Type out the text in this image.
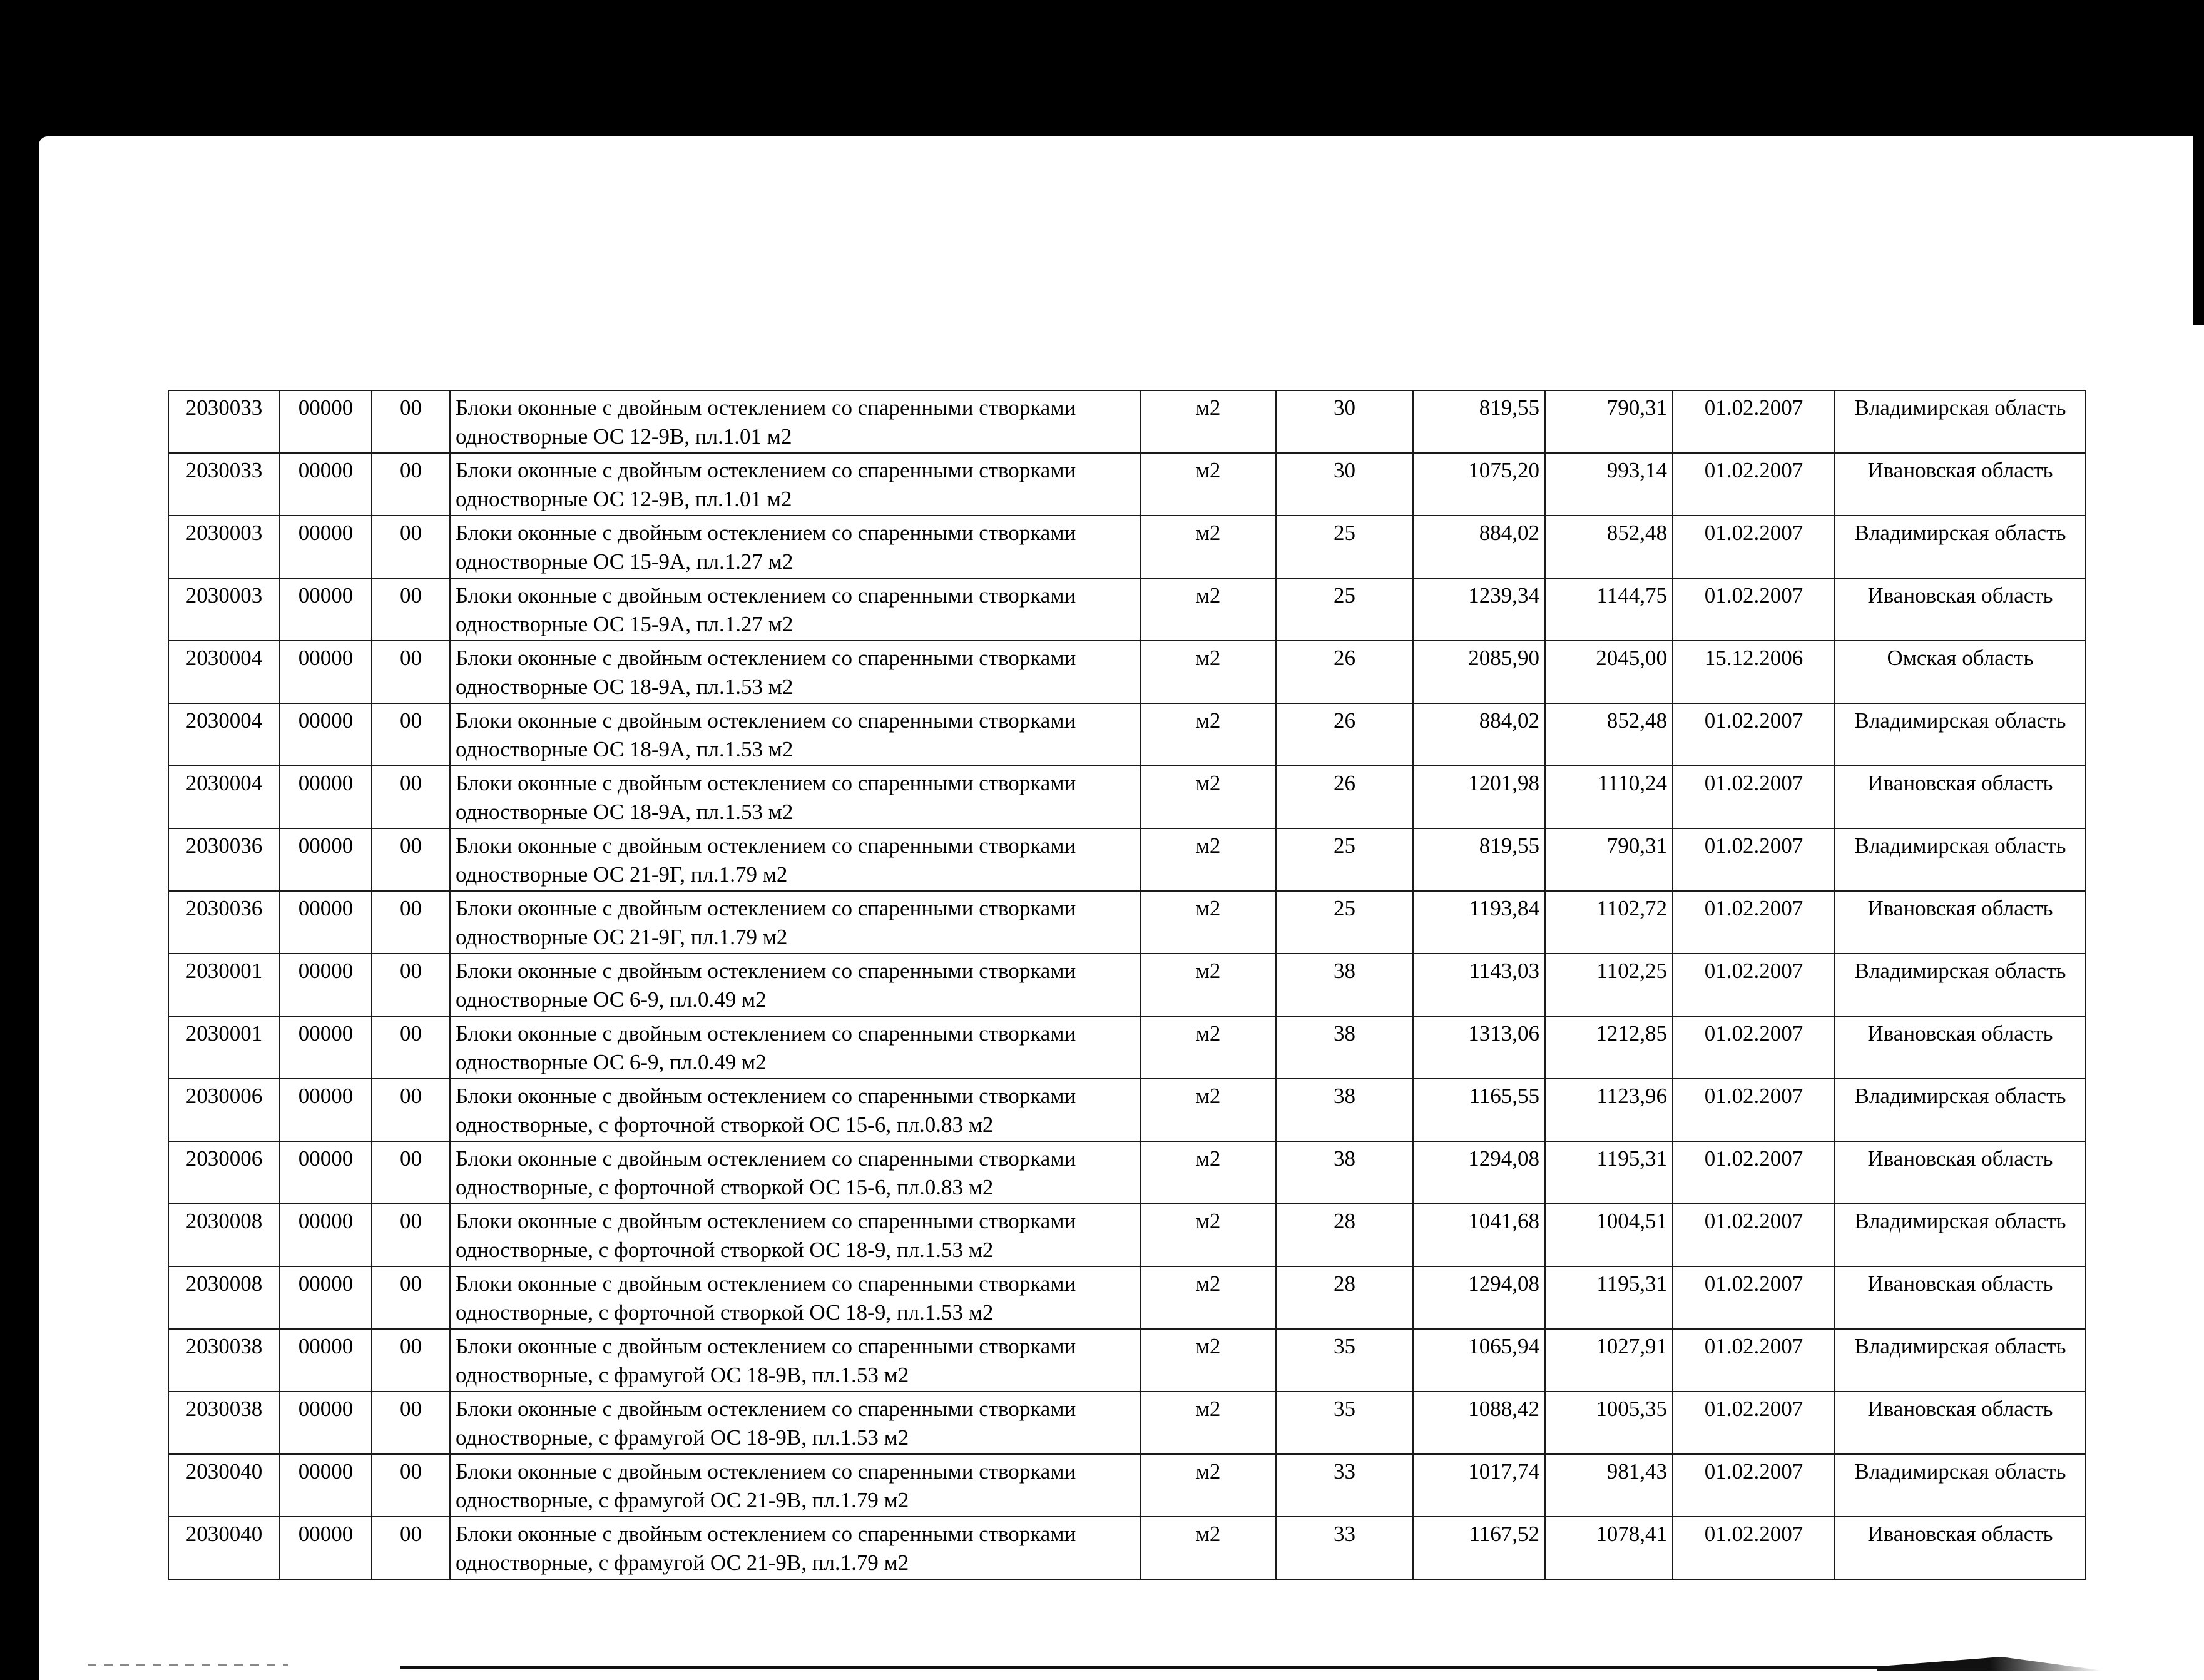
2030033	00000	00	Блоки оконные с двойным остеклением со спаренными створками одностворные ОС 12-9В, пл.1.01 м2	м2	30	819,55	790,31	01.02.2007	Владимирская область
2030033	00000	00	Блоки оконные с двойным остеклением со спаренными створками одностворные ОС 12-9В, пл.1.01 м2	м2	30	1075,20	993,14	01.02.2007	Ивановская область
2030003	00000	00	Блоки оконные с двойным остеклением со спаренными створками одностворные ОС 15-9А, пл.1.27 м2	м2	25	884,02	852,48	01.02.2007	Владимирская область
2030003	00000	00	Блоки оконные с двойным остеклением со спаренными створками одностворные ОС 15-9А, пл.1.27 м2	м2	25	1239,34	1144,75	01.02.2007	Ивановская область
2030004	00000	00	Блоки оконные с двойным остеклением со спаренными створками одностворные ОС 18-9А, пл.1.53 м2	м2	26	2085,90	2045,00	15.12.2006	Омская область
2030004	00000	00	Блоки оконные с двойным остеклением со спаренными створками одностворные ОС 18-9А, пл.1.53 м2	м2	26	884,02	852,48	01.02.2007	Владимирская область
2030004	00000	00	Блоки оконные с двойным остеклением со спаренными створками одностворные ОС 18-9А, пл.1.53 м2	м2	26	1201,98	1110,24	01.02.2007	Ивановская область
2030036	00000	00	Блоки оконные с двойным остеклением со спаренными створками одностворные ОС 21-9Г, пл.1.79 м2	м2	25	819,55	790,31	01.02.2007	Владимирская область
2030036	00000	00	Блоки оконные с двойным остеклением со спаренными створками одностворные ОС 21-9Г, пл.1.79 м2	м2	25	1193,84	1102,72	01.02.2007	Ивановская область
2030001	00000	00	Блоки оконные с двойным остеклением со спаренными створками одностворные ОС 6-9, пл.0.49 м2	м2	38	1143,03	1102,25	01.02.2007	Владимирская область
2030001	00000	00	Блоки оконные с двойным остеклением со спаренными створками одностворные ОС 6-9, пл.0.49 м2	м2	38	1313,06	1212,85	01.02.2007	Ивановская область
2030006	00000	00	Блоки оконные с двойным остеклением со спаренными створками одностворные, с форточной створкой ОС 15-6, пл.0.83 м2	м2	38	1165,55	1123,96	01.02.2007	Владимирская область
2030006	00000	00	Блоки оконные с двойным остеклением со спаренными створками одностворные, с форточной створкой ОС 15-6, пл.0.83 м2	м2	38	1294,08	1195,31	01.02.2007	Ивановская область
2030008	00000	00	Блоки оконные с двойным остеклением со спаренными створками одностворные, с форточной створкой ОС 18-9, пл.1.53 м2	м2	28	1041,68	1004,51	01.02.2007	Владимирская область
2030008	00000	00	Блоки оконные с двойным остеклением со спаренными створками одностворные, с форточной створкой ОС 18-9, пл.1.53 м2	м2	28	1294,08	1195,31	01.02.2007	Ивановская область
2030038	00000	00	Блоки оконные с двойным остеклением со спаренными створками одностворные, с фрамугой ОС 18-9В, пл.1.53 м2	м2	35	1065,94	1027,91	01.02.2007	Владимирская область
2030038	00000	00	Блоки оконные с двойным остеклением со спаренными створками одностворные, с фрамугой ОС 18-9В, пл.1.53 м2	м2	35	1088,42	1005,35	01.02.2007	Ивановская область
2030040	00000	00	Блоки оконные с двойным остеклением со спаренными створками одностворные, с фрамугой ОС 21-9В, пл.1.79 м2	м2	33	1017,74	981,43	01.02.2007	Владимирская область
2030040	00000	00	Блоки оконные с двойным остеклением со спаренными створками одностворные, с фрамугой ОС 21-9В, пл.1.79 м2	м2	33	1167,52	1078,41	01.02.2007	Ивановская область
